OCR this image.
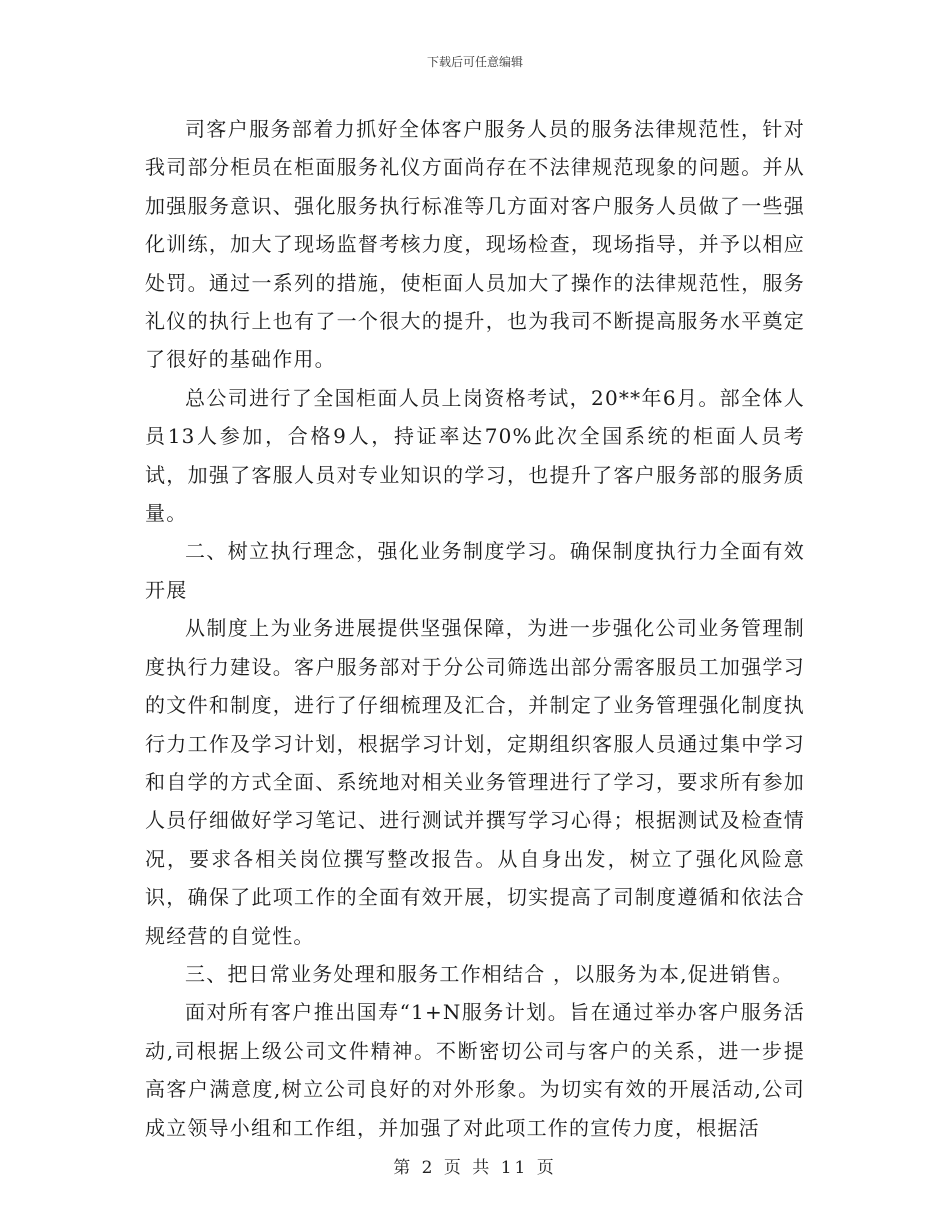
下载后可任意编辑

司客户服务部着力抓好全体客户服务人员的服务法律规范性，针对我司部分柜员在柜面服务礼仪方面尚存在不法律规范现象的问题。并从加强服务意识、强化服务执行标准等几方面对客户服务人员做了一些强化训练，加大了现场监督考核力度，现场检查，现场指导，并予以相应处罚。通过一系列的措施，使柜面人员加大了操作的法律规范性，服务礼仪的执行上也有了一个很大的提升，也为我司不断提高服务水平奠定了很好的基础作用。

总公司进行了全国柜面人员上岗资格考试，20**年6月。部全体人员13人参加，合格9人，持证率达70%此次全国系统的柜面人员考试，加强了客服人员对专业知识的学习，也提升了客户服务部的服务质量。

二、树立执行理念，强化业务制度学习。确保制度执行力全面有效开展

从制度上为业务进展提供坚强保障，为进一步强化公司业务管理制度执行力建设。客户服务部对于分公司筛选出部分需客服员工加强学习的文件和制度，进行了仔细梳理及汇合，并制定了业务管理强化制度执行力工作及学习计划，根据学习计划，定期组织客服人员通过集中学习和自学的方式全面、系统地对相关业务管理进行了学习，要求所有参加人员仔细做好学习笔记、进行测试并撰写学习心得；根据测试及检查情况，要求各相关岗位撰写整改报告。从自身出发，树立了强化风险意识，确保了此项工作的全面有效开展，切实提高了司制度遵循和依法合规经营的自觉性。

三、把日常业务处理和服务工作相结合 ，以服务为本,促进销售。

面对所有客户推出国寿“1+N服务计划。旨在通过举办客户服务活动,司根据上级公司文件精神。不断密切公司与客户的关系，进一步提高客户满意度,树立公司良好的对外形象。为切实有效的开展活动,公司成立领导小组和工作组，并加强了对此项工作的宣传力度，根据活

第 2 页 共 11 页
